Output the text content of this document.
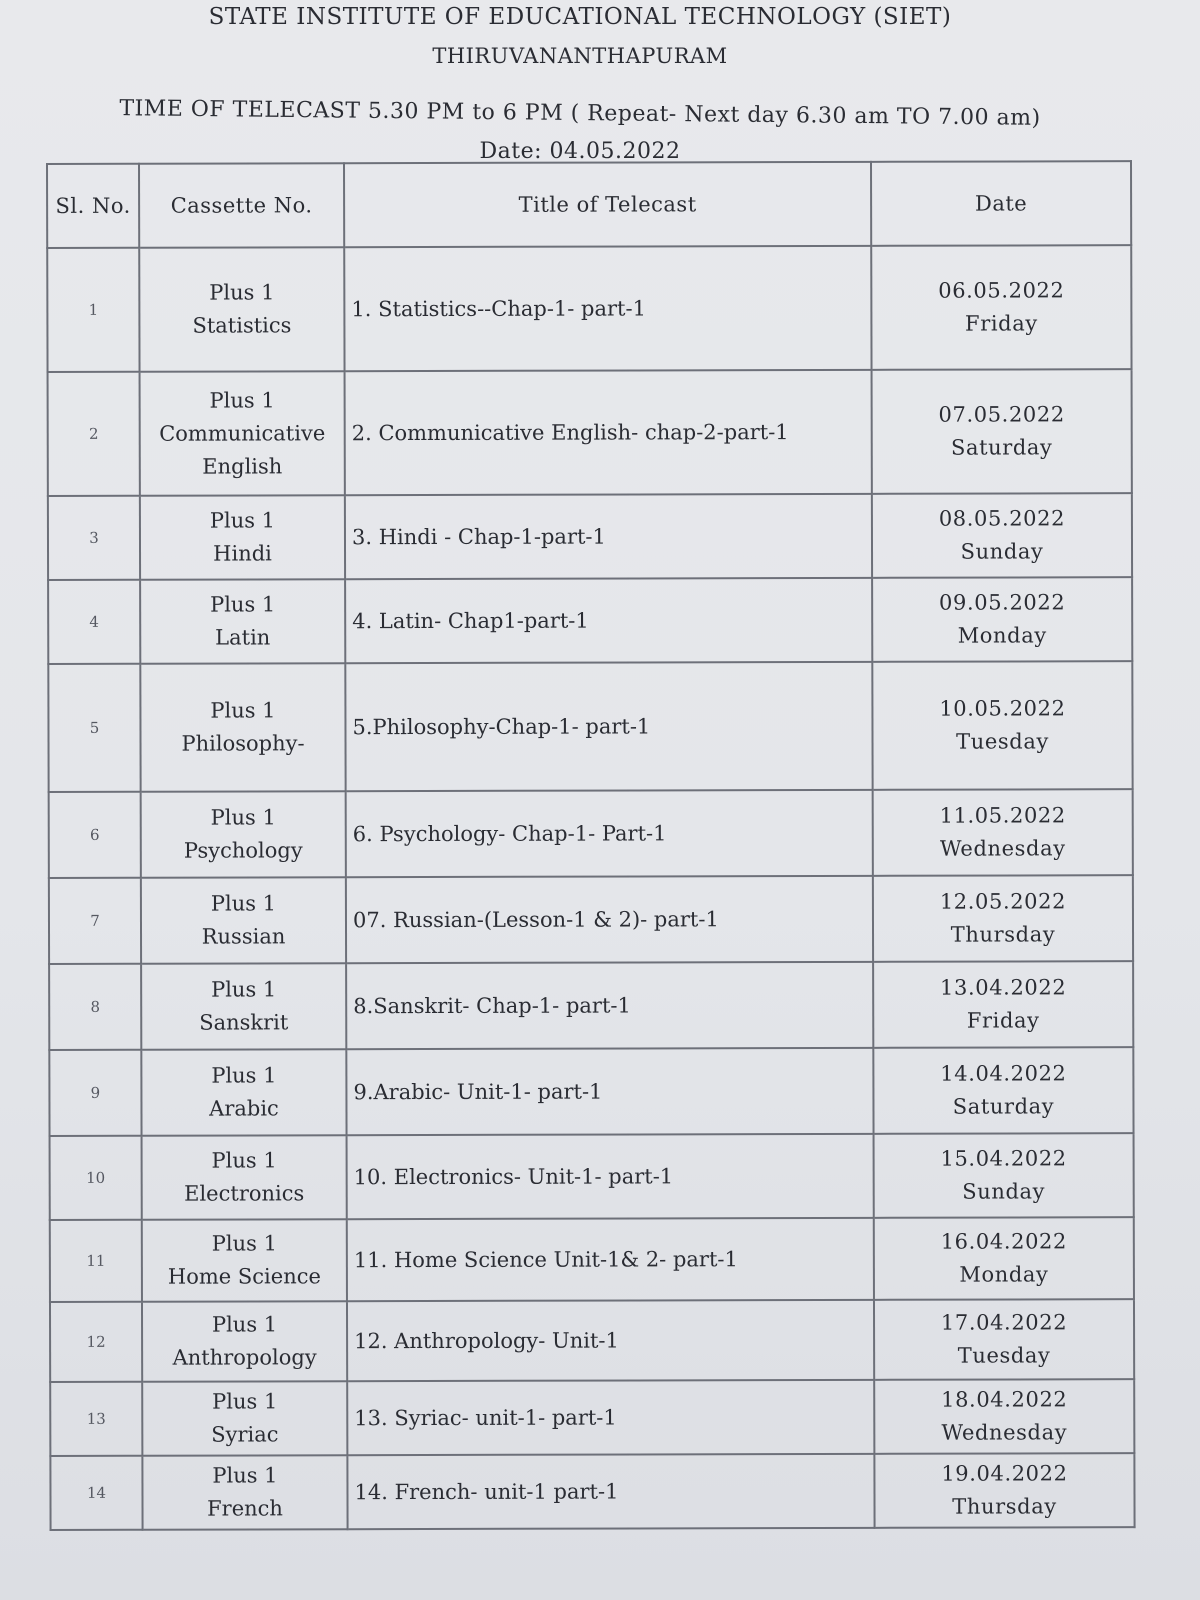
STATE INSTITUTE OF EDUCATIONAL TECHNOLOGY (SIET)
THIRUVANANTHAPURAM
TIME OF TELECAST 5.30 PM to 6 PM ( Repeat- Next day 6.30 am TO 7.00 am)
Date: 04.05.2022
Sl. No.	Cassette No.	Title of Telecast	Date
1	Plus 1
Statistics	1. Statistics--Chap-1- part-1	06.05.2022
Friday

2	Plus 1
Communicative
English	2. Communicative English- chap-2-part-1	07.05.2022
Saturday

3	Plus 1
Hindi	3. Hindi - Chap-1-part-1	08.05.2022
Sunday

4	Plus 1
Latin	4. Latin- Chap1-part-1	09.05.2022
Monday

5	Plus 1
Philosophy-	5.Philosophy-Chap-1- part-1	10.05.2022
Tuesday

6	Plus 1
Psychology	6. Psychology- Chap-1- Part-1	11.05.2022
Wednesday

7	Plus 1
Russian	07. Russian-(Lesson-1 & 2)- part-1	12.05.2022
Thursday

8	Plus 1
Sanskrit	8.Sanskrit- Chap-1- part-1	13.04.2022
Friday

9	Plus 1
Arabic	9.Arabic- Unit-1- part-1	14.04.2022
Saturday

10	Plus 1
Electronics	10. Electronics- Unit-1- part-1	15.04.2022
Sunday

11	Plus 1
Home Science	11. Home Science Unit-1& 2- part-1	16.04.2022
Monday

12	Plus 1
Anthropology	12. Anthropology- Unit-1	17.04.2022
Tuesday

13	Plus 1
Syriac	13. Syriac- unit-1- part-1	18.04.2022
Wednesday

14	Plus 1
French	14. French- unit-1 part-1	19.04.2022
Thursday
